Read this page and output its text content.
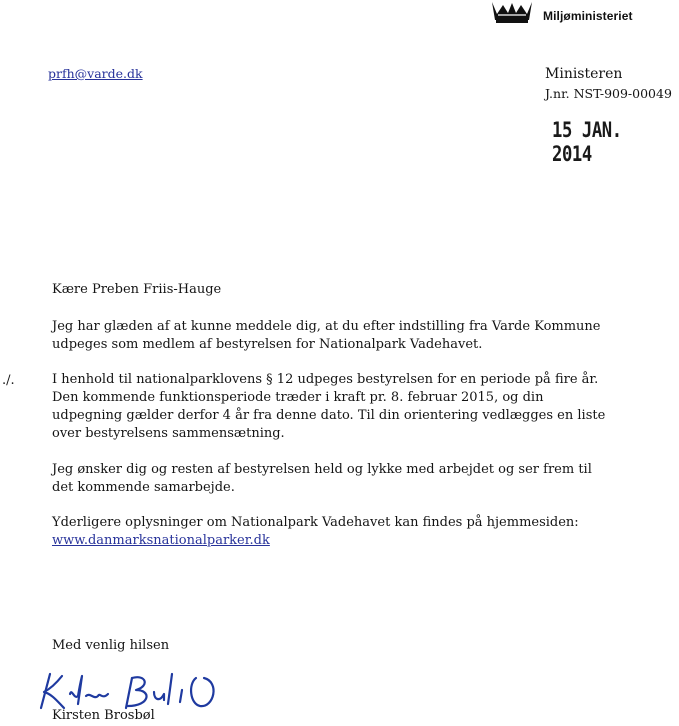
Miljøministeriet
prfh@varde.dk	Ministeren
J.nr. NST-909-00049
15 JAN. 2014
Kære Preben Friis-Hauge
Jeg har glæden af at kunne meddele dig, at du efter indstilling fra Varde Kommune
udpeges som medlem af bestyrelsen for Nationalpark Vadehavet.
./.	I henhold til nationalparklovens § 12 udpeges bestyrelsen for en periode på fire år.
Den kommende funktionsperiode træder i kraft pr. 8. februar 2015, og din
udpegning gælder derfor 4 år fra denne dato. Til din orientering vedlægges en liste
over bestyrelsens sammensætning.
Jeg ønsker dig og resten af bestyrelsen held og lykke med arbejdet og ser frem til
det kommende samarbejde.
Yderligere oplysninger om Nationalpark Vadehavet kan findes på hjemmesiden:
www.danmarksnationalparker.dk
Med venlig hilsen
Kirsten Brosbøl
